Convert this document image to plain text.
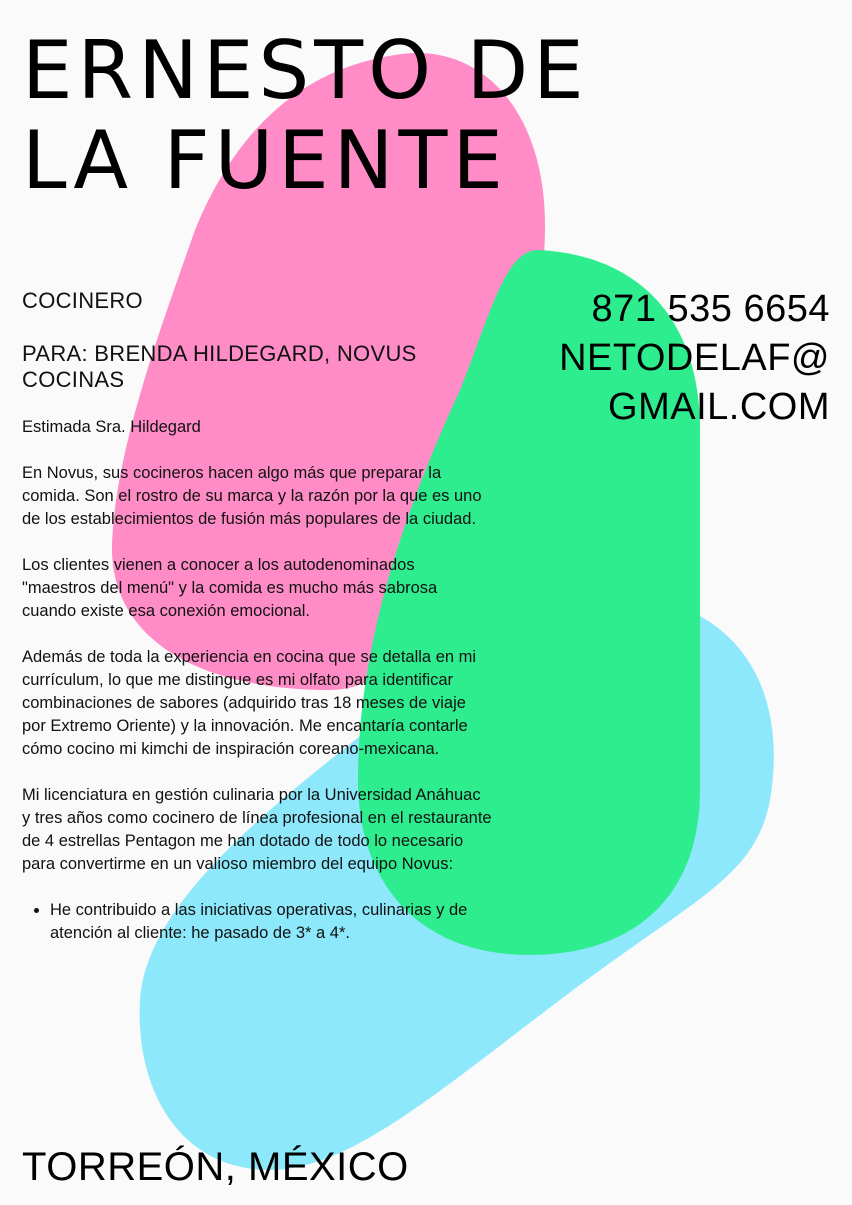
ERNESTO DE
LA FUENTE
COCINERO
PARA: BRENDA HILDEGARD, NOVUS COCINAS
871 535 6654
NETODELAF@
GMAIL.COM

Estimada Sra. Hildegard

En Novus, sus cocineros hacen algo más que preparar la comida. Son el rostro de su marca y la razón por la que es uno de los establecimientos de fusión más populares de la ciudad.

Los clientes vienen a conocer a los autodenominados "maestros del menú" y la comida es mucho más sabrosa cuando existe esa conexión emocional.

Además de toda la experiencia en cocina que se detalla en mi currículum, lo que me distingue es mi olfato para identificar combinaciones de sabores (adquirido tras 18 meses de viaje por Extremo Oriente) y la innovación. Me encantaría contarle cómo cocino mi kimchi de inspiración coreano-mexicana.

Mi licenciatura en gestión culinaria por la Universidad Anáhuac y tres años como cocinero de línea profesional en el restaurante de 4 estrellas Pentagon me han dotado de todo lo necesario para convertirme en un valioso miembro del equipo Novus:

• He contribuido a las iniciativas operativas, culinarias y de atención al cliente: he pasado de 3* a 4*.
TORREÓN, MÉXICO
